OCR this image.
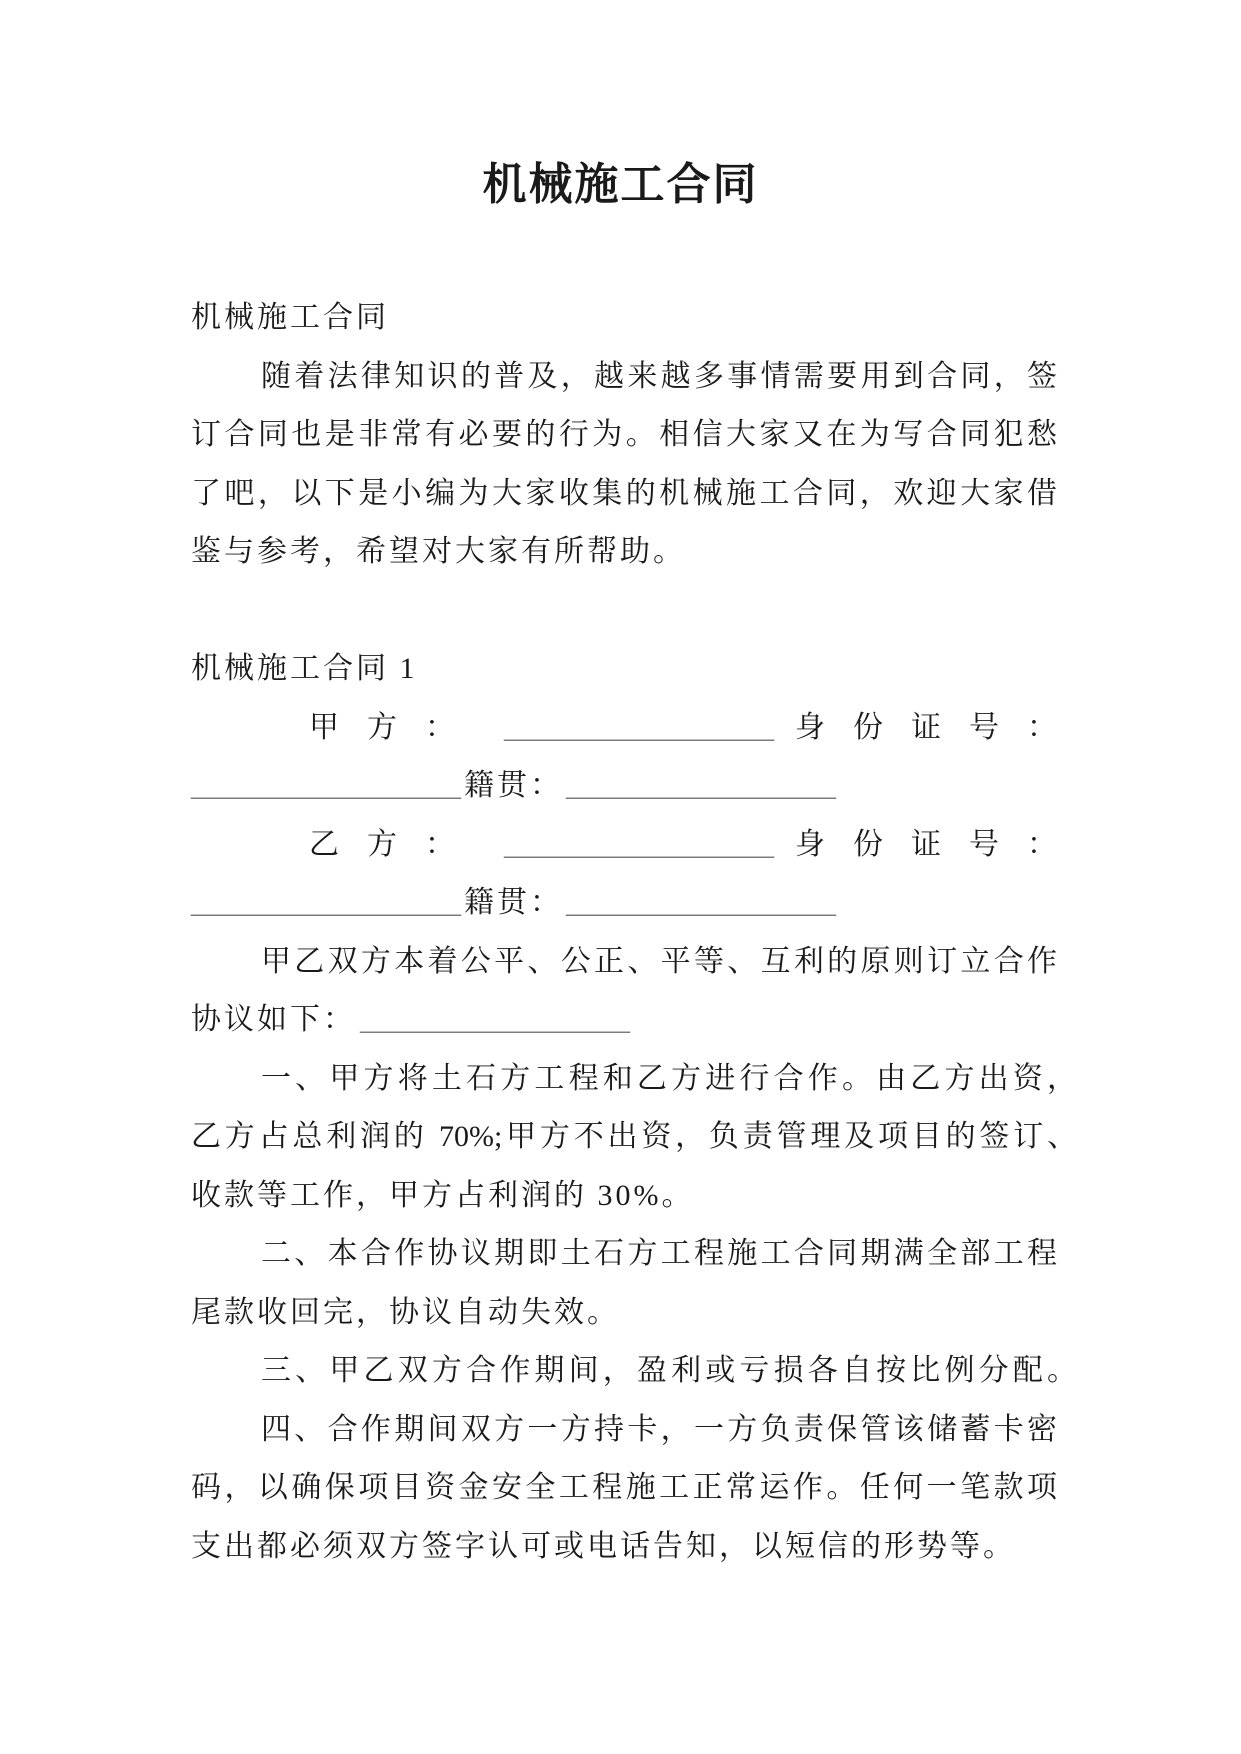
机械施工合同
机械施工合同
随着法律知识的普及，越来越多事情需要用到合同，签
订合同也是非常有必要的行为。相信大家又在为写合同犯愁
了吧，以下是小编为大家收集的机械施工合同，欢迎大家借
鉴与参考，希望对大家有所帮助。
机械施工合同 1
甲方： __________________ 身份证号：
__________________ 籍贯： __________________
乙方： __________________ 身份证号：
__________________ 籍贯： __________________
甲乙双方本着公平、公正、平等、互利的原则订立合作
协议如下： __________________
一、甲方将土石方工程和乙方进行合作。由乙方出资，
乙方占总利润的 70%;甲方不出资，负责管理及项目的签订、
收款等工作，甲方占利润的 30%。
二、本合作协议期即土石方工程施工合同期满全部工程
尾款收回完，协议自动失效。
三、甲乙双方合作期间，盈利或亏损各自按比例分配。
四、合作期间双方一方持卡，一方负责保管该储蓄卡密
码，以确保项目资金安全工程施工正常运作。任何一笔款项
支出都必须双方签字认可或电话告知，以短信的形势等。
